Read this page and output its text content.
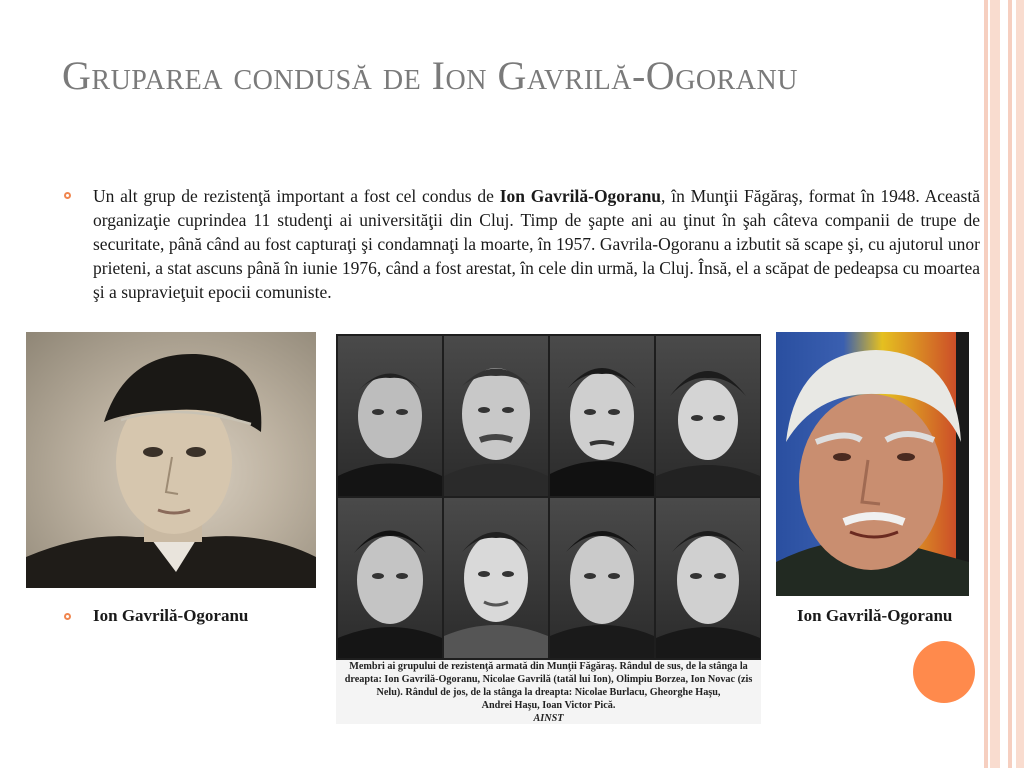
Gruparea condusă de Ion Gavrilă-Ogoranu

Un alt grup de rezistenţă important a fost cel condus de Ion Gavrilă-Ogoranu, în Munţii Făgăraş, format în 1948. Această organizaţie cuprindea 11 studenţi ai universităţii din Cluj. Timp de şapte ani au ţinut în şah câteva companii de trupe de securitate, până când au fost capturaţi şi condamnaţi la moarte, în 1957. Gavrila-Ogoranu a izbutit să scape şi, cu ajutorul unor prieteni, a stat ascuns până în iunie 1976, când a fost arestat, în cele din urmă, la Cluj. Însă, el a scăpat de pedeapsa cu moartea şi a supravieţuit epocii comuniste.

Membri ai grupului de rezistenţă armată din Munţii Făgăraş. Rândul de sus, de la stânga la
dreapta: Ion Gavrilă-Ogoranu, Nicolae Gavrilă (tatăl lui Ion), Olimpiu Borzea, Ion Novac (zis
Nelu). Rândul de jos, de la stânga la dreapta: Nicolae Burlacu, Gheorghe Haşu,
Andrei Haşu, Ioan Victor Pică.
AINST
Ion Gavrilă-Ogoranu	Ion Gavrilă-Ogoranu
